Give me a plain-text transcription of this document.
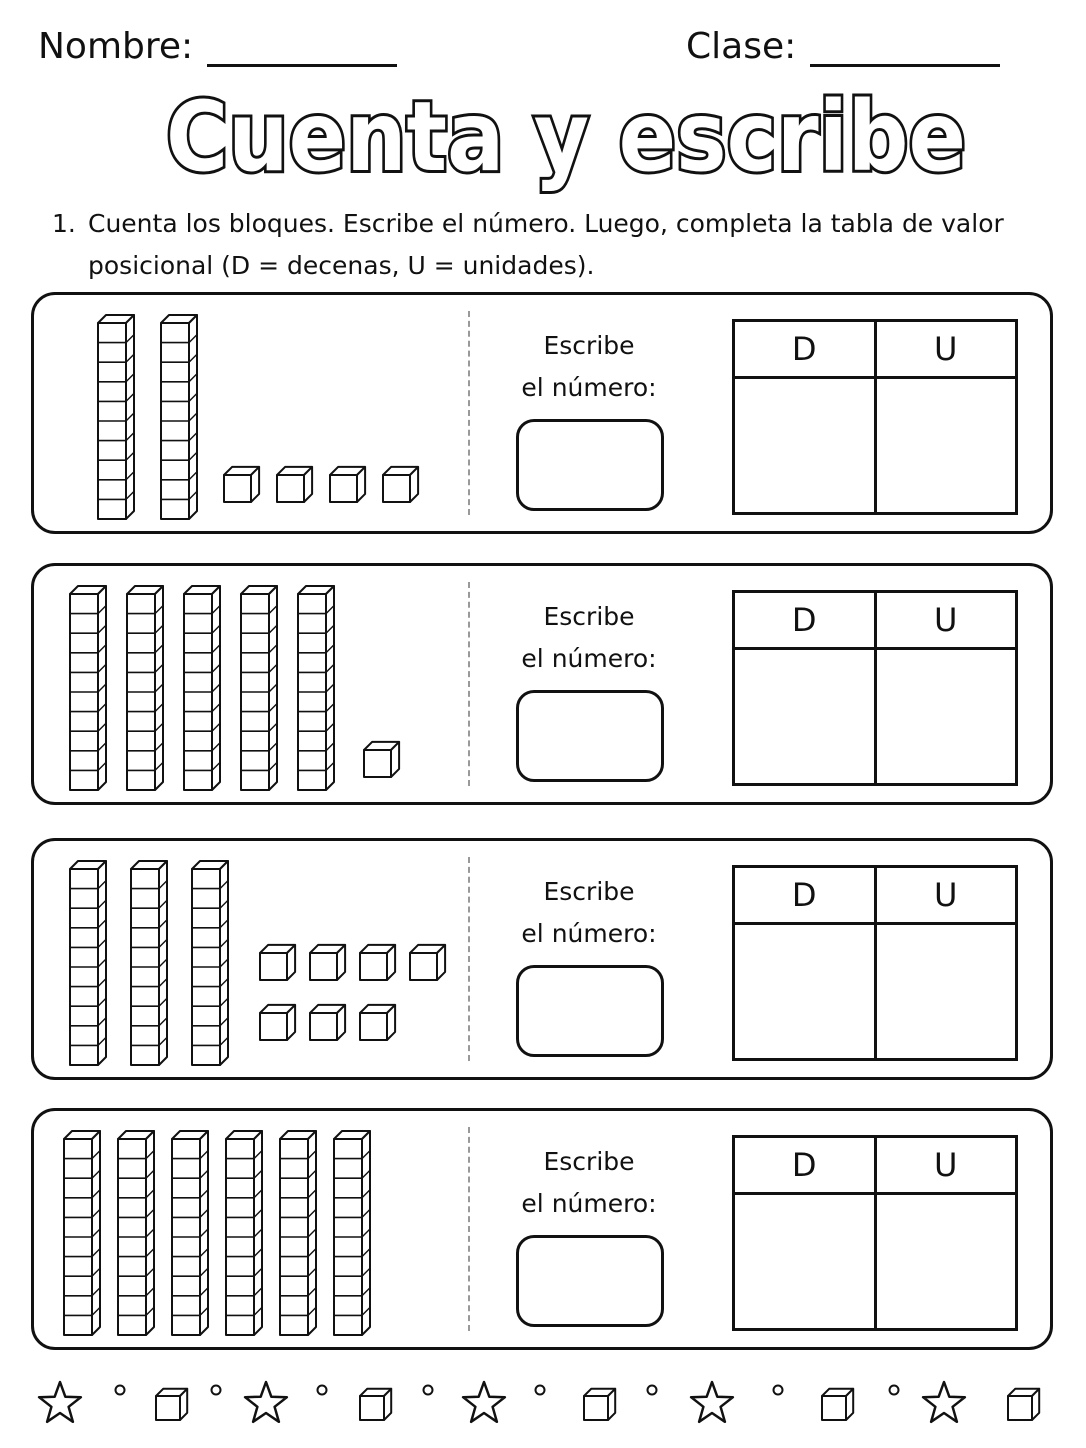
Nombre:	Clase:
Cuenta y escribe
1. Cuenta los bloques. Escribe el número. Luego, completa la tabla de valor posicional (D = decenas, U = unidades).
Escribe
el número:
D	U

Escribe
el número:
D	U

Escribe
el número:
D	U

Escribe
el número:
D	U
